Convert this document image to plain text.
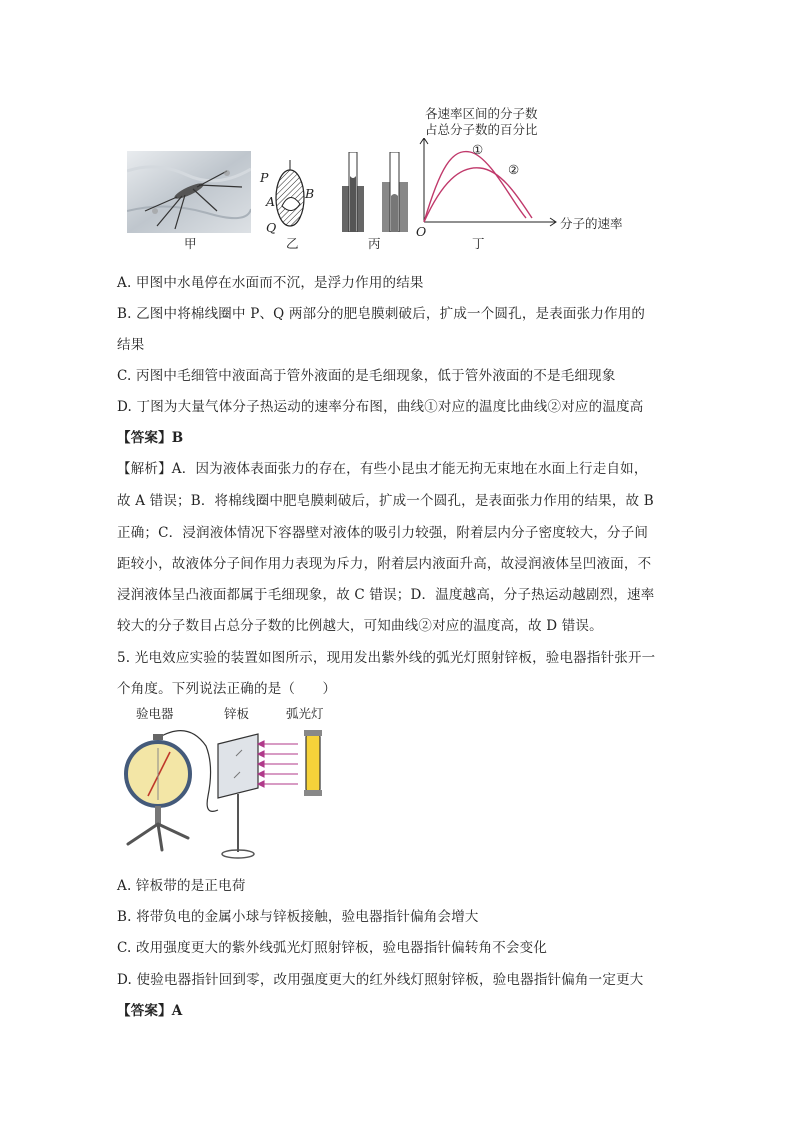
甲
P
A
B
Q
乙	丙
各速率区间的分子数
占总分子数的百分比
①
②
O
分子的速率
丁
A. 甲图中水黾停在水面而不沉，是浮力作用的结果
B. 乙图中将棉线圈中 P、Q 两部分的肥皂膜刺破后，扩成一个圆孔，是表面张力作用的
结果
C. 丙图中毛细管中液面高于管外液面的是毛细现象，低于管外液面的不是毛细现象
D. 丁图为大量气体分子热运动的速率分布图，曲线①对应的温度比曲线②对应的温度高
【答案】B
【解析】A．因为液体表面张力的存在，有些小昆虫才能无拘无束地在水面上行走自如，
故 A 错误；B．将棉线圈中肥皂膜刺破后，扩成一个圆孔，是表面张力作用的结果，故 B
正确；C．浸润液体情况下容器壁对液体的吸引力较强，附着层内分子密度较大，分子间
距较小，故液体分子间作用力表现为斥力，附着层内液面升高，故浸润液体呈凹液面，不
浸润液体呈凸液面都属于毛细现象，故 C 错误；D．温度越高，分子热运动越剧烈，速率
较大的分子数目占总分子数的比例越大，可知曲线②对应的温度高，故 D 错误。
5. 光电效应实验的装置如图所示，现用发出紫外线的弧光灯照射锌板，验电器指针张开一
个角度。下列说法正确的是（　　）
验电器	锌板	弧光灯
A. 锌板带的是正电荷
B. 将带负电的金属小球与锌板接触，验电器指针偏角会增大
C. 改用强度更大的紫外线弧光灯照射锌板，验电器指针偏转角不会变化
D. 使验电器指针回到零，改用强度更大的红外线灯照射锌板，验电器指针偏角一定更大
【答案】A
